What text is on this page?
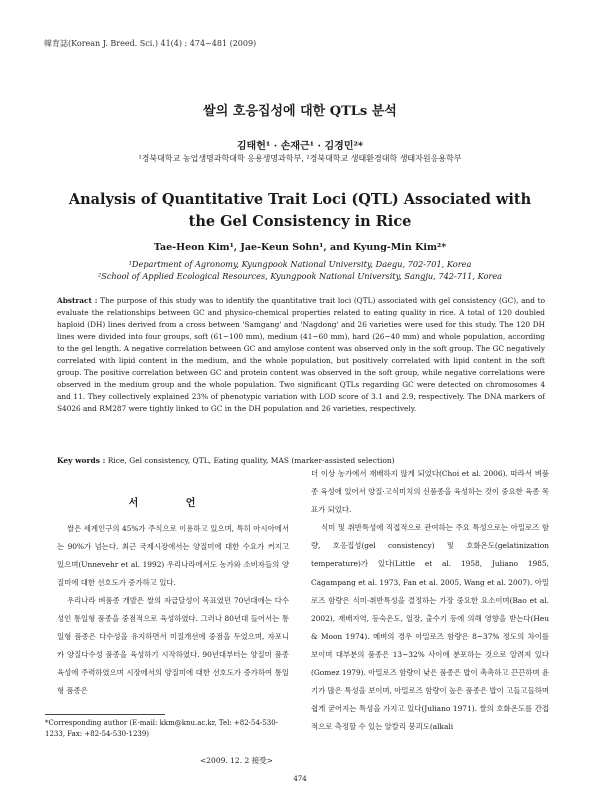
韓育誌(Korean J. Breed. Sci.) 41(4) : 474~481 (2009)
쌀의 호응집성에 대한 QTLs 분석
김태헌¹ · 손재근¹ · 김경민²*
¹경북대학교 농업생명과학대학 응용생명과학부, ²경북대학교 생태환경대학 생태자원응용학부
Analysis of Quantitative Trait Loci (QTL) Associated with the Gel Consistency in Rice
Tae-Heon Kim¹, Jae-Keun Sohn¹, and Kyung-Min Kim²*
¹Department of Agronomy, Kyungpook National University, Daegu, 702-701, Korea
²School of Applied Ecological Resources, Kyungpook National University, Sangju, 742-711, Korea
Abstract : The purpose of this study was to identify the quantitative trait loci (QTL) associated with gel consistency (GC), and to evaluate the relationships between GC and physico-chemical properties related to eating quality in rice. A total of 120 doubled haploid (DH) lines derived from a cross between 'Samgang' and 'Nagdong' and 26 varieties were used for this study. The 120 DH lines were divided into four groups, soft (61~100 mm), medium (41~60 mm), hard (26~40 mm) and whole population, according to the gel length. A negative correlation between GC and amylose content was observed only in the soft group. The GC negatively correlated with lipid content in the medium, and the whole population, but positively correlated with lipid content in the soft group. The positive correlation between GC and protein content was observed in the soft group, while negative correlations were observed in the medium group and the whole population. Two significant QTLs regarding GC were detected on chromosomes 4 and 11. They collectively explained 23% of phenotypic variation with LOD score of 3.1 and 2.9, respectively. The DNA markers of S4026 and RM287 were tightly linked to GC in the DH population and 26 varieties, respectively.
Key words : Rice, Gel consistency, QTL, Eating quality, MAS (marker-assisted selection)
서 언

쌀은 세계인구의 45%가 주식으로 이용하고 있으며, 특히 아시아에서는 90%가 넘는다. 최근 국제시장에서는 양질미에 대한 수요가 커지고 있으며(Unnevehr et al. 1992) 우리나라에서도 농가와 소비자들의 양질미에 대한 선호도가 증가하고 있다.

우리나라 벼품종 개발은 쌀의 자급달성이 목표였던 70년대에는 다수성인 통일형 품종을 중점적으로 육성하였다. 그러나 80년대 들어서는 통일형 품종은 다수성을 유지하면서 미질개선에 중점을 두었으며, 자포니카 양질다수성 품종을 육성하기 시작하였다. 90년대부터는 양질미 품종육성에 주력하였으며 시장에서의 양질미에 대한 선호도가 증가하여 통일형 품종은

더 이상 농가에서 재배하지 않게 되었다(Choi et al. 2006). 따라서 벼품종 육성에 있어서 양질·고식미치의 신품종을 육성하는 것이 중요한 육종 목표가 되었다.

식미 및 취반특성에 직접적으로 관여하는 주요 특성으로는 아밀로즈 함량, 호응집성(gel consistency) 및 호화온도(gelatinization temperature)가 있다(Little et al. 1958, Juliano 1985, Cagampang et al. 1973, Fan et al. 2005, Wang et al. 2007). 아밀로즈 함량은 식미·취반특성을 결정하는 가장 중요한 요소이며(Bao et al. 2002), 재배지역, 등숙온도, 일장, 출수기 등에 의해 영향을 받는다(Heu & Moon 1974). 메벼의 경우 아밀로즈 함량은 8~37% 정도의 차이를 보이며 대부분의 품종은 13~32% 사이에 분포하는 것으로 알려져 있다(Gomez 1979). 아밀로즈 함량이 낮은 품종은 밥이 촉촉하고 끈끈하며 윤기가 많은 특성을 보이며, 아밀로즈 함량이 높은 품종은 밥이 고들고들하며 쉽게 굳어지는 특성을 가지고 있다(Juliano 1971). 쌀의 호화온도를 간접적으로 측정할 수 있는 알칼리 붕괴도(alkali

*Corresponding author (E-mail: kkm@knu.ac.kr, Tel: +82-54-530-1233, Fax: +82-54-530-1239)
<2009. 12. 2 接受>
474
